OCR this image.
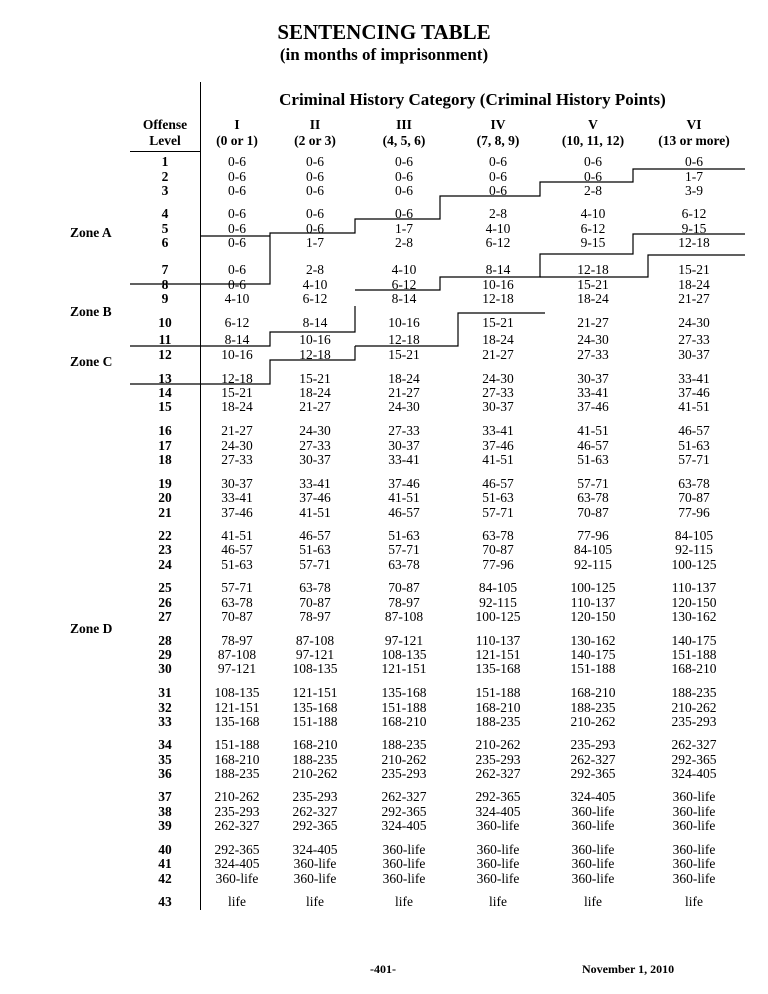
SENTENCING TABLE
(in months of imprisonment)
Criminal History Category (Criminal History Points)
Offense
Level
I
(0 or 1)
II
(2 or 3)
III
(4, 5, 6)
IV
(7, 8, 9)
V
(10, 11, 12)
VI
(13 or more)
Zone A
Zone B
Zone C
Zone D
1	0-6	0-6	0-6	0-6	0-6	0-6
2	0-6	0-6	0-6	0-6	0-6	1-7
3	0-6	0-6	0-6	0-6	2-8	3-9
4	0-6	0-6	0-6	2-8	4-10	6-12
5	0-6	0-6	1-7	4-10	6-12	9-15
6	0-6	1-7	2-8	6-12	9-15	12-18
7	0-6	2-8	4-10	8-14	12-18	15-21
8	0-6	4-10	6-12	10-16	15-21	18-24
9	4-10	6-12	8-14	12-18	18-24	21-27
10	6-12	8-14	10-16	15-21	21-27	24-30
11	8-14	10-16	12-18	18-24	24-30	27-33
12	10-16	12-18	15-21	21-27	27-33	30-37
13	12-18	15-21	18-24	24-30	30-37	33-41
14	15-21	18-24	21-27	27-33	33-41	37-46
15	18-24	21-27	24-30	30-37	37-46	41-51
16	21-27	24-30	27-33	33-41	41-51	46-57
17	24-30	27-33	30-37	37-46	46-57	51-63
18	27-33	30-37	33-41	41-51	51-63	57-71
19	30-37	33-41	37-46	46-57	57-71	63-78
20	33-41	37-46	41-51	51-63	63-78	70-87
21	37-46	41-51	46-57	57-71	70-87	77-96
22	41-51	46-57	51-63	63-78	77-96	84-105
23	46-57	51-63	57-71	70-87	84-105	92-115
24	51-63	57-71	63-78	77-96	92-115	100-125
25	57-71	63-78	70-87	84-105	100-125	110-137
26	63-78	70-87	78-97	92-115	110-137	120-150
27	70-87	78-97	87-108	100-125	120-150	130-162
28	78-97	87-108	97-121	110-137	130-162	140-175
29	87-108	97-121	108-135	121-151	140-175	151-188
30	97-121	108-135	121-151	135-168	151-188	168-210
31	108-135	121-151	135-168	151-188	168-210	188-235
32	121-151	135-168	151-188	168-210	188-235	210-262
33	135-168	151-188	168-210	188-235	210-262	235-293
34	151-188	168-210	188-235	210-262	235-293	262-327
35	168-210	188-235	210-262	235-293	262-327	292-365
36	188-235	210-262	235-293	262-327	292-365	324-405
37	210-262	235-293	262-327	292-365	324-405	360-life
38	235-293	262-327	292-365	324-405	360-life	360-life
39	262-327	292-365	324-405	360-life	360-life	360-life
40	292-365	324-405	360-life	360-life	360-life	360-life
41	324-405	360-life	360-life	360-life	360-life	360-life
42	360-life	360-life	360-life	360-life	360-life	360-life
43	life	life	life	life	life	life
-401-	November 1, 2010
